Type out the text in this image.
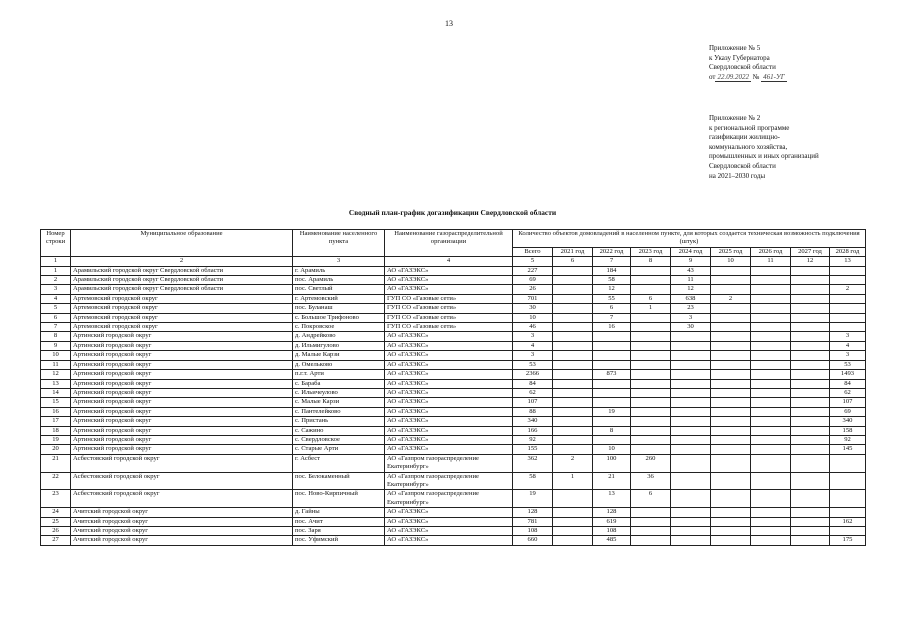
13
Приложение № 5
к Указу Губернатора
Свердловской области
от 22.09.2022 № 461-УГ
Приложение № 2
к региональной программе
газификации жилищно-
коммунального хозяйства,
промышленных и иных организаций
Свердловской области
на 2021–2030 годы
Сводный план-график догазификации Свердловской области
Номер строки	Муниципальное образование	Наименование населенного пункта	Наименование газораспределительной организации	Количество объектов домовладений в населенном пункте, для которых создается техническая возможность подключения (штук)								
				Всего	2021 год	2022 год	2023 год	2024 год	2025 год	2026 год	2027 год	2028 год
1	2	3	4	5	6	7	8	9	10	11	12	13
1	Арамильский городской округ Свердловской области	г. Арамиль	АО «ГАЗЭКС»	227		184		43				
2	Арамильский городской округ Свердловской области	пос. Арамиль	АО «ГАЗЭКС»	69		58		11				
3	Арамильский городской округ Свердловской области	пос. Светлый	АО «ГАЗЭКС»	26		12		12				2
4	Артемовский городской округ	г. Артемовский	ГУП СО «Газовые сети»	701		55	6	638	2			
5	Артемовский городской округ	пос. Буланаш	ГУП СО «Газовые сети»	30		6	1	23				
6	Артемовский городской округ	с. Большое Трифоново	ГУП СО «Газовые сети»	10		7		3				
7	Артемовский городской округ	с. Покровское	ГУП СО «Газовые сети»	46		16		30				
8	Артинский городской округ	д. Андрейково	АО «ГАЗЭКС»	3								3
9	Артинский городской округ	д. Ильмигулово	АО «ГАЗЭКС»	4								4
10	Артинский городской округ	д. Малые Карзи	АО «ГАЗЭКС»	3								3
11	Артинский городской округ	д. Омельково	АО «ГАЗЭКС»	53								53
12	Артинский городской округ	п.г.т. Арти	АО «ГАЗЭКС»	2366		873						1493
13	Артинский городской округ	с. Барабa	АО «ГАЗЭКС»	84								84
14	Артинский городской округ	с. Ильичеулово	АО «ГАЗЭКС»	62								62
15	Артинский городской округ	с. Малые Карзи	АО «ГАЗЭКС»	107								107
16	Артинский городской округ	с. Пантелейково	АО «ГАЗЭКС»	88		19						69
17	Артинский городской округ	с. Пристань	АО «ГАЗЭКС»	340								340
18	Артинский городской округ	с. Сажино	АО «ГАЗЭКС»	166		8						158
19	Артинский городской округ	с. Свердловское	АО «ГАЗЭКС»	92								92
20	Артинский городской округ	с. Старые Арти	АО «ГАЗЭКС»	155		10						145
21	Асбестовский городской округ	г. Асбест	АО «Газпром газораспределение Екатеринбург»	362	2	100	260					
22	Асбестовский городской округ	пос. Белокаменный	АО «Газпром газораспределение Екатеринбург»	58	1	21	36					
23	Асбестовский городской округ	пос. Ново-Кирпичный	АО «Газпром газораспределение Екатеринбург»	19		13	6					
24	Ачитский городской округ	д. Гайны	АО «ГАЗЭКС»	128		128						
25	Ачитский городской округ	пос. Ачит	АО «ГАЗЭКС»	781		619						162
26	Ачитский городской округ	пос. Заря	АО «ГАЗЭКС»	108		108						
27	Ачитский городской округ	пос. Уфимский	АО «ГАЗЭКС»	660		485						175
